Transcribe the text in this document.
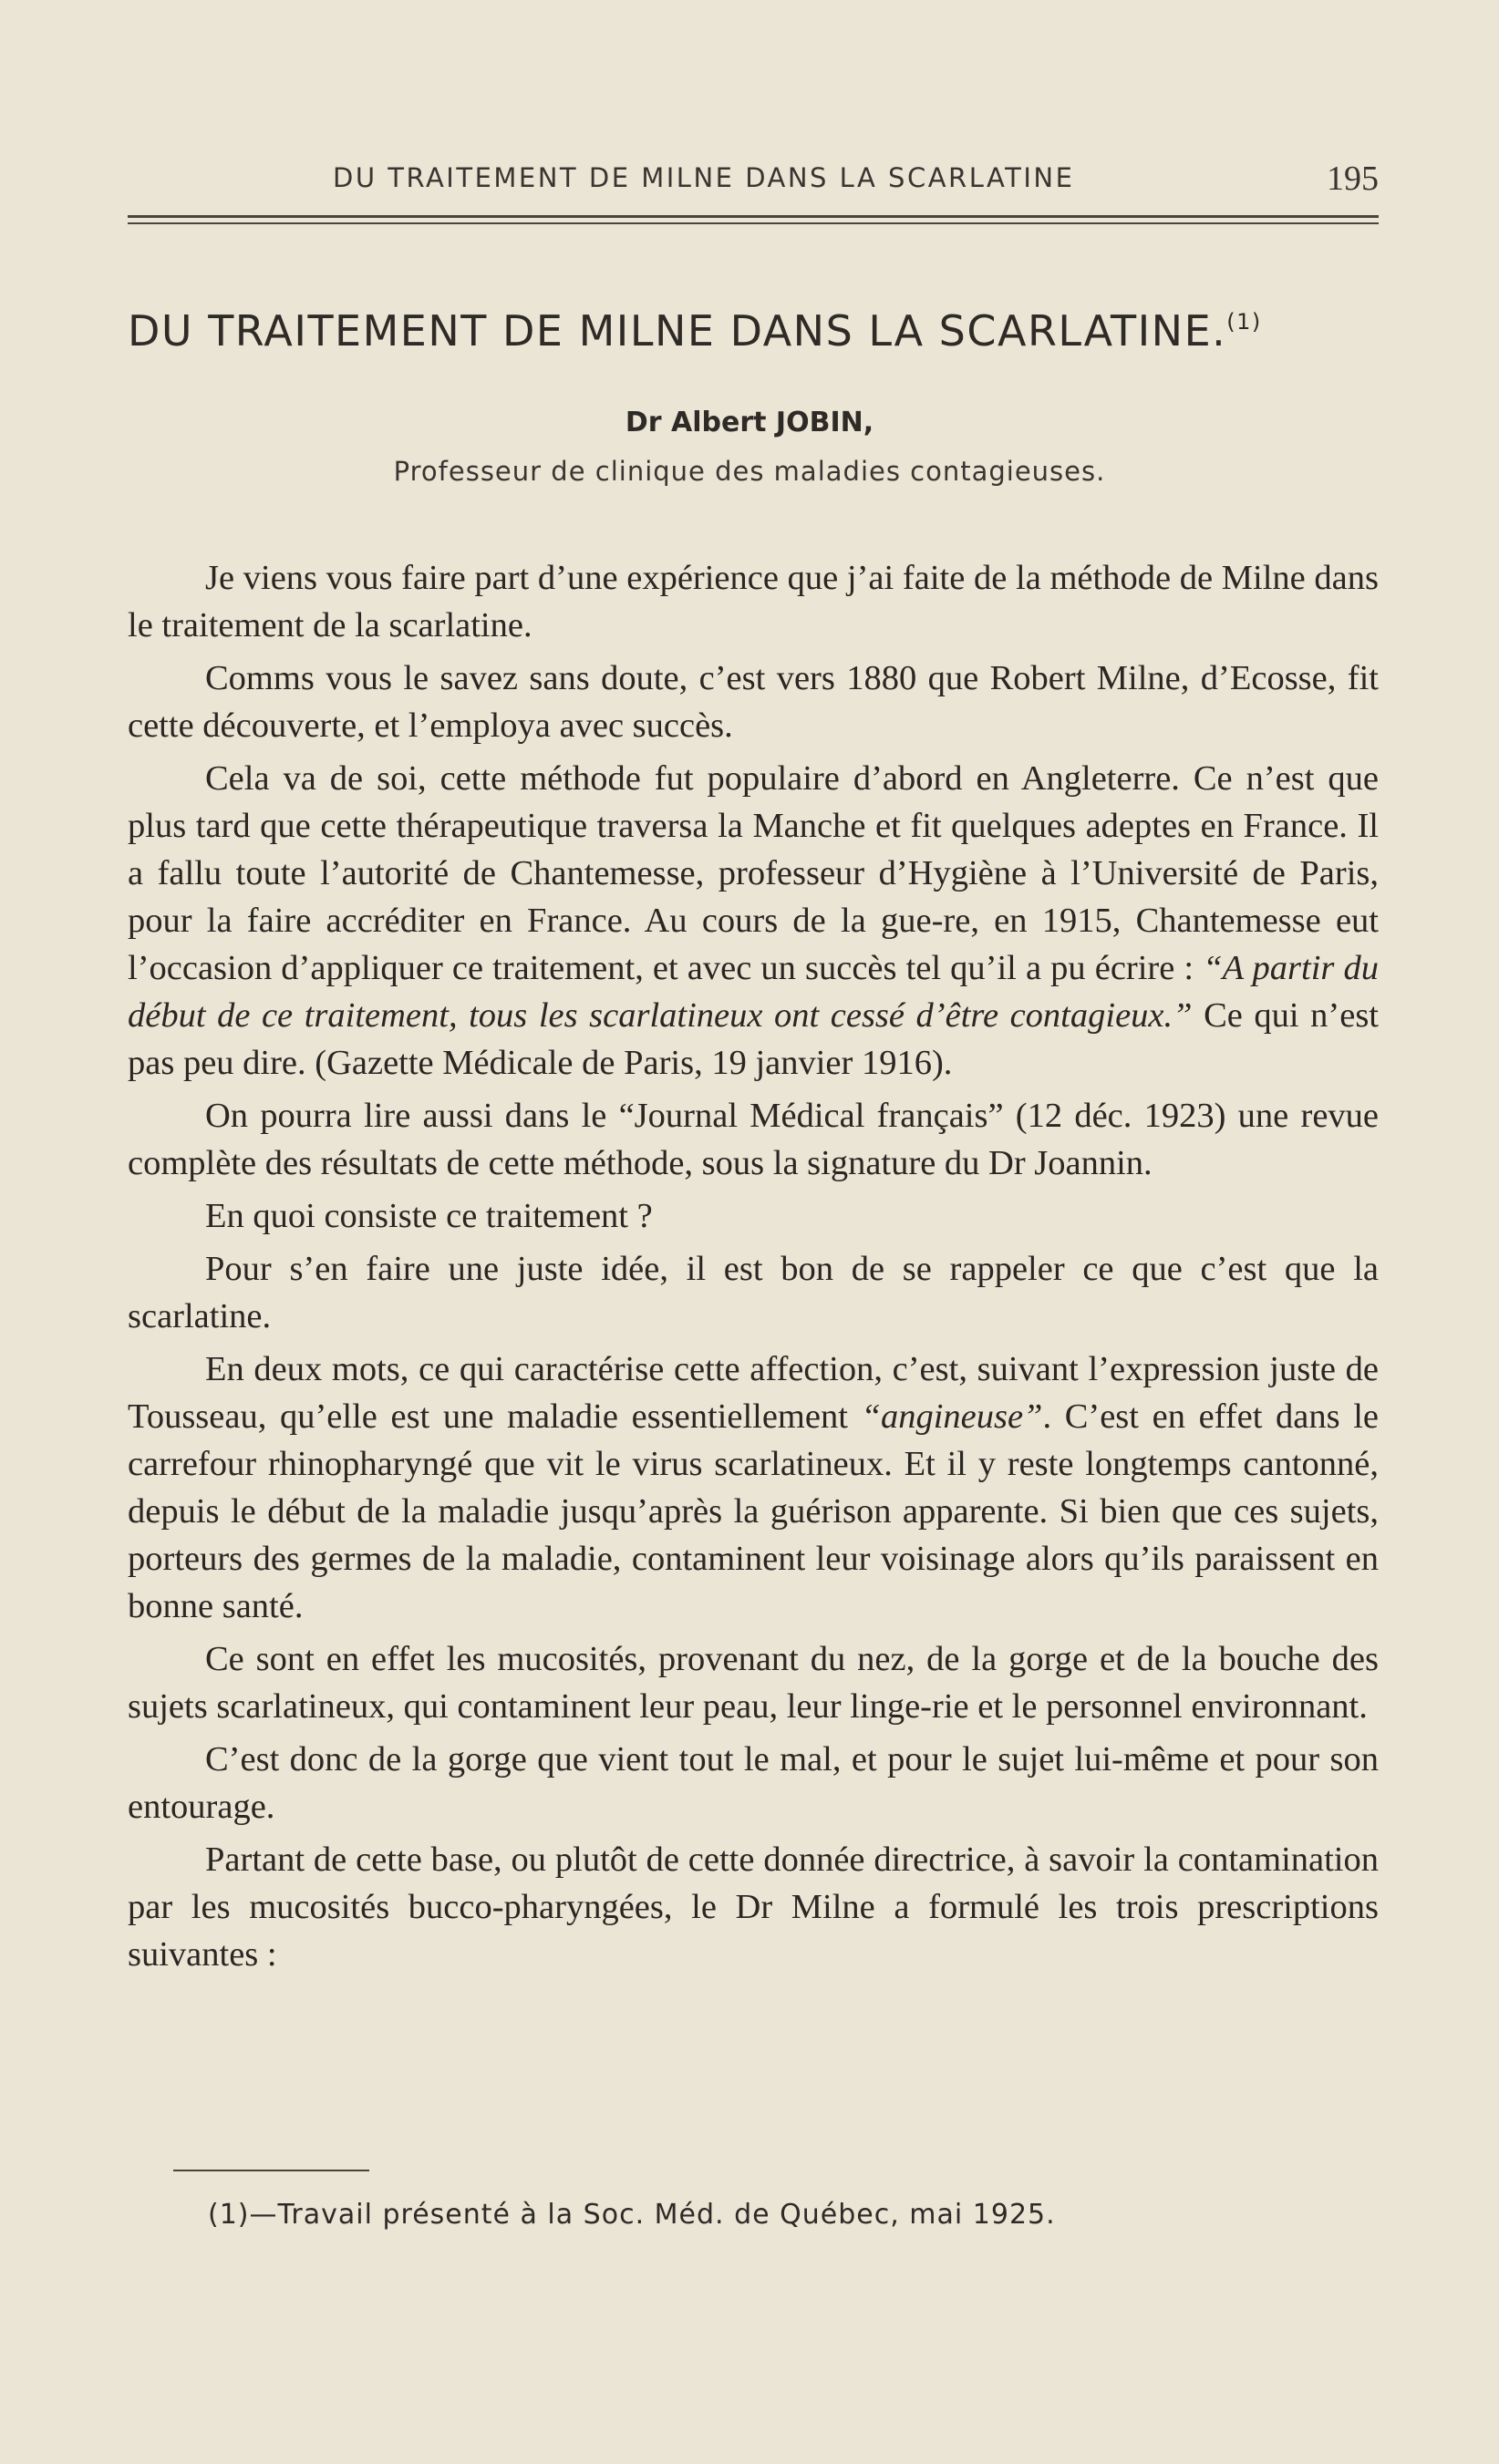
DU TRAITEMENT DE MILNE DANS LA SCARLATINE	195
DU TRAITEMENT DE MILNE DANS LA SCARLATINE.$^{(1)}$
Dr Albert JOBIN,
Professeur de clinique des maladies contagieuses.

Je viens vous faire part d’une expérience que j’ai faite de la méthode de Milne dans le traitement de la scarlatine.

Comms vous le savez sans doute, c’est vers 1880 que Robert Milne, d’Ecosse, fit cette découverte, et l’employa avec succès.

Cela va de soi, cette méthode fut populaire d’abord en Angleterre. Ce n’est que plus tard que cette thérapeutique traversa la Manche et fit quelques adeptes en France. Il a fallu toute l’autorité de Chantemesse, professeur d’Hygiène à l’Université de Paris, pour la faire accréditer en France. Au cours de la gue-re, en 1915, Chantemesse eut l’occasion d’appliquer ce traitement, et avec un succès tel qu’il a pu écrire : “A partir du début de ce traitement, tous les scarlatineux ont cessé d’être contagieux.” Ce qui n’est pas peu dire. (Gazette Médicale de Paris, 19 janvier 1916).

On pourra lire aussi dans le “Journal Médical français” (12 déc. 1923) une revue complète des résultats de cette méthode, sous la signature du Dr Joannin.

En quoi consiste ce traitement ?

Pour s’en faire une juste idée, il est bon de se rappeler ce que c’est que la scarlatine.

En deux mots, ce qui caractérise cette affection, c’est, suivant l’expression juste de Tousseau, qu’elle est une maladie essentiellement “angineuse”. C’est en effet dans le carrefour rhinopharyngé que vit le virus scarlatineux. Et il y reste longtemps cantonné, depuis le début de la maladie jusqu’après la guérison apparente. Si bien que ces sujets, porteurs des germes de la maladie, contaminent leur voisinage alors qu’ils paraissent en bonne santé.

Ce sont en effet les mucosités, provenant du nez, de la gorge et de la bouche des sujets scarlatineux, qui contaminent leur peau, leur linge-rie et le personnel environnant.

C’est donc de la gorge que vient tout le mal, et pour le sujet lui-même et pour son entourage.

Partant de cette base, ou plutôt de cette donnée directrice, à savoir la contamination par les mucosités bucco-pharyngées, le Dr Milne a formulé les trois prescriptions suivantes :

(1)—Travail présenté à la Soc. Méd. de Québec, mai 1925.
